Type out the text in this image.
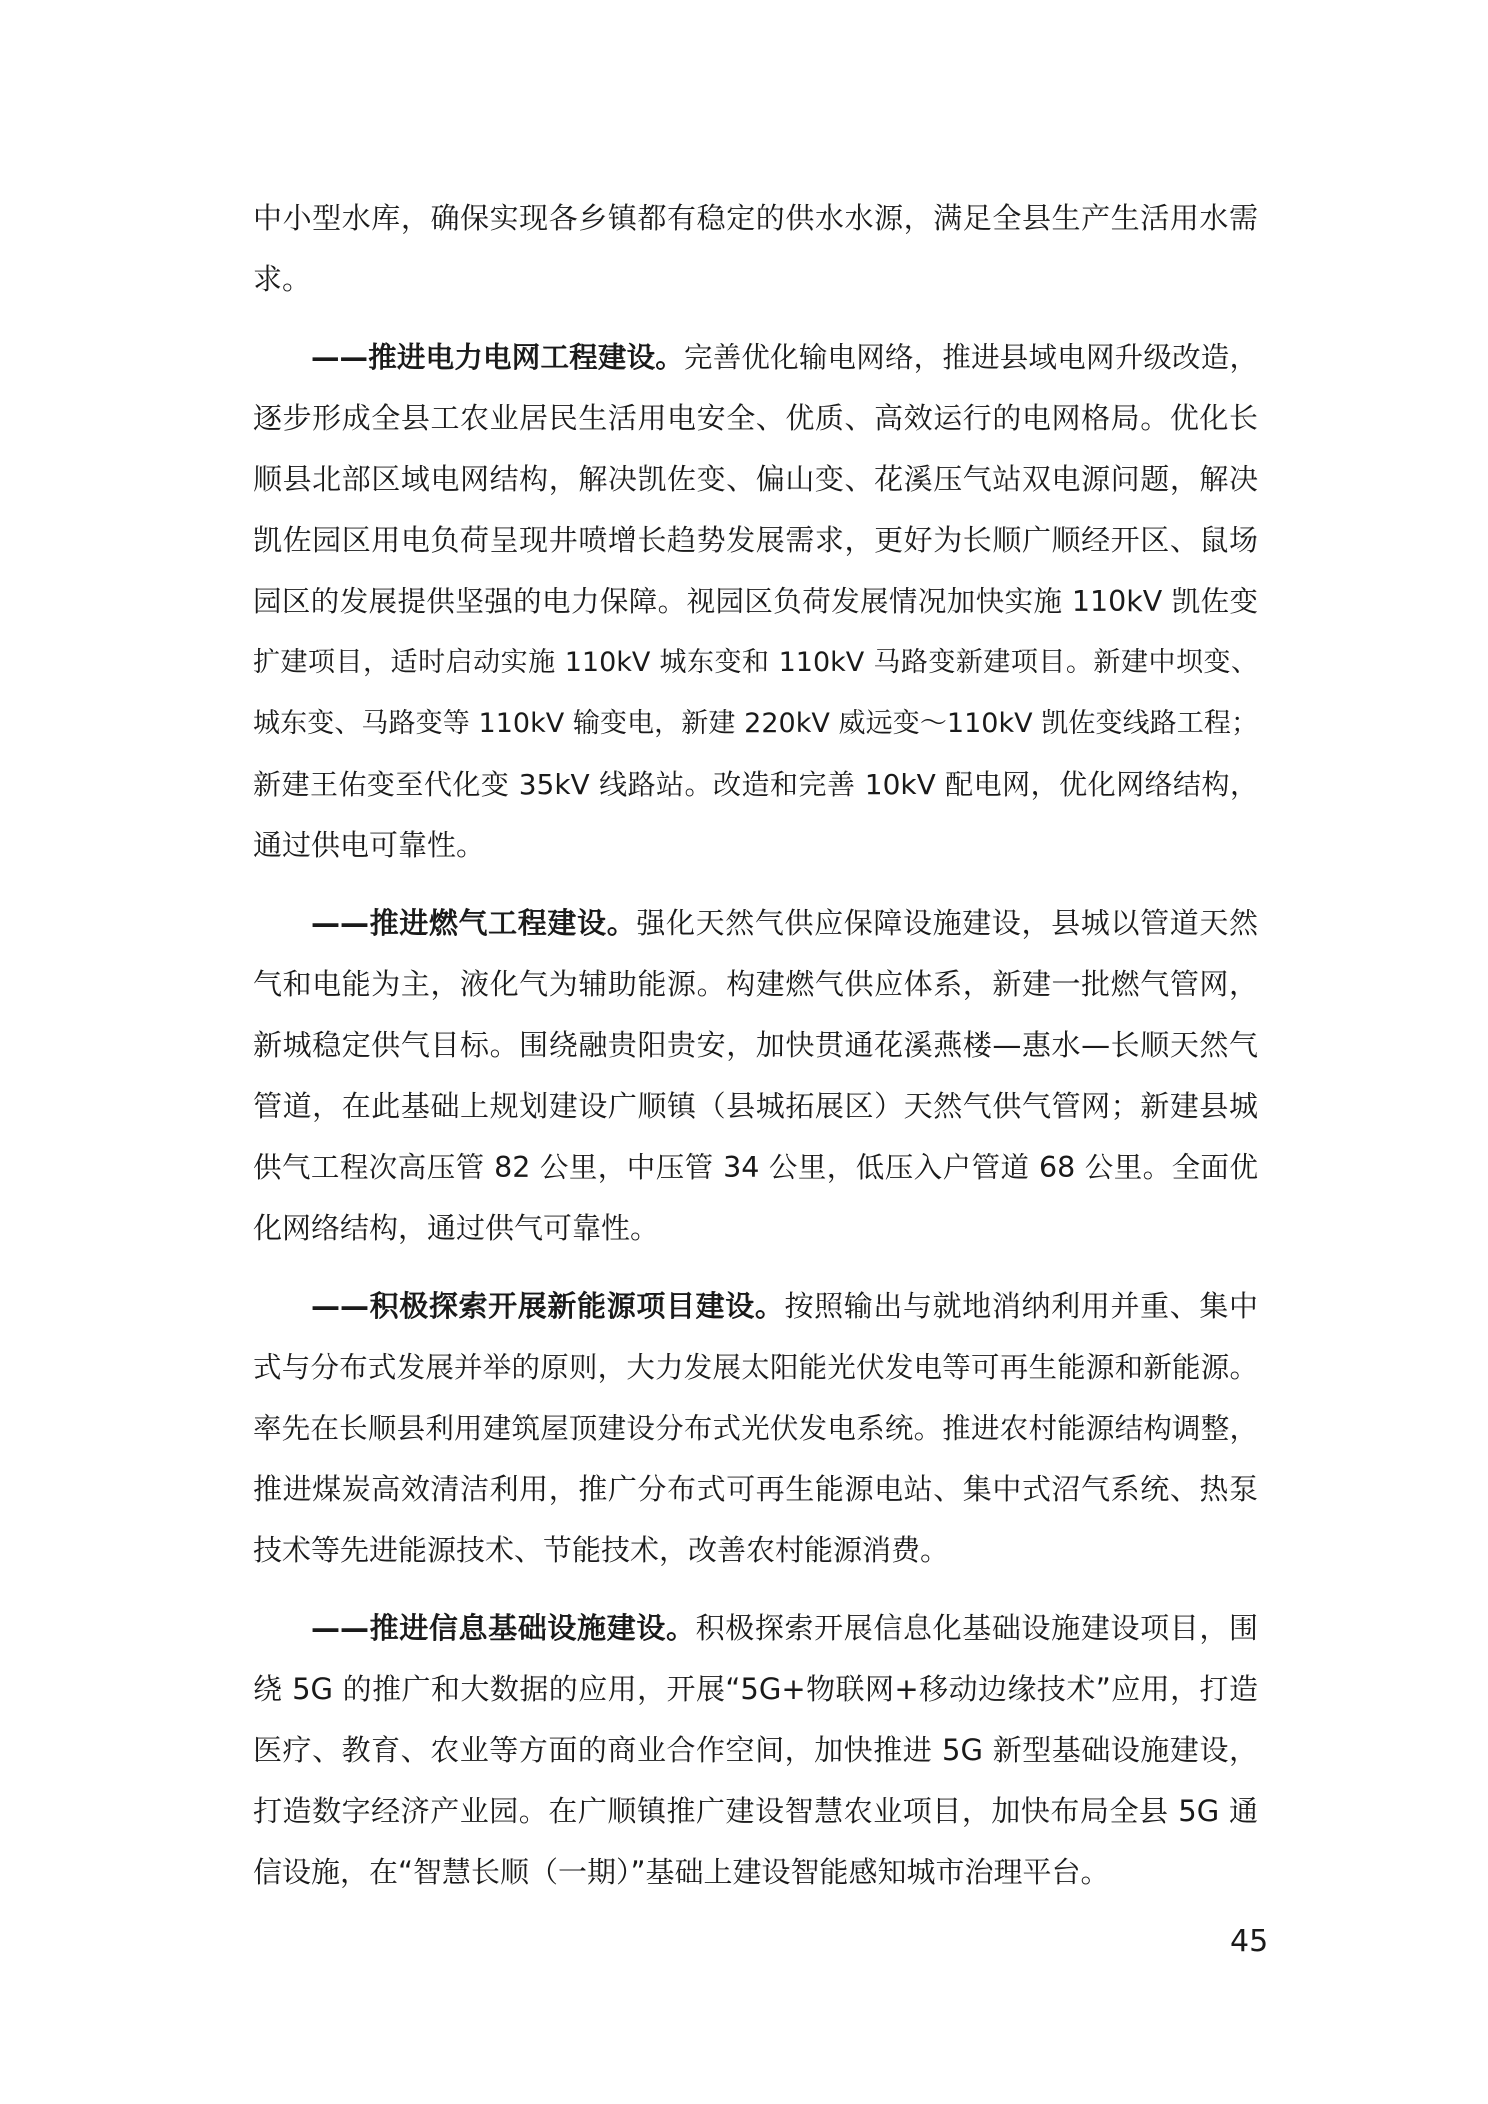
中小型水库，确保实现各乡镇都有稳定的供水水源，满足全县生产生活用水需
求。
——推进电力电网工程建设。完善优化输电网络，推进县域电网升级改造，
逐步形成全县工农业居民生活用电安全、优质、高效运行的电网格局。优化长
顺县北部区域电网结构，解决凯佐变、偏山变、花溪压气站双电源问题，解决
凯佐园区用电负荷呈现井喷增长趋势发展需求，更好为长顺广顺经开区、鼠场
园区的发展提供坚强的电力保障。视园区负荷发展情况加快实施 110kV 凯佐变
扩建项目，适时启动实施 110kV 城东变和 110kV 马路变新建项目。新建中坝变、
城东变、马路变等 110kV 输变电，新建 220kV 威远变～110kV 凯佐变线路工程；
新建王佑变至代化变 35kV 线路站。改造和完善 10kV 配电网，优化网络结构，
通过供电可靠性。
——推进燃气工程建设。强化天然气供应保障设施建设，县城以管道天然
气和电能为主，液化气为辅助能源。构建燃气供应体系，新建一批燃气管网，
新城稳定供气目标。围绕融贵阳贵安，加快贯通花溪燕楼—惠水—长顺天然气
管道，在此基础上规划建设广顺镇（县城拓展区）天然气供气管网；新建县城
供气工程次高压管 82 公里，中压管 34 公里，低压入户管道 68 公里。全面优
化网络结构，通过供气可靠性。
——积极探索开展新能源项目建设。按照输出与就地消纳利用并重、集中
式与分布式发展并举的原则，大力发展太阳能光伏发电等可再生能源和新能源。
率先在长顺县利用建筑屋顶建设分布式光伏发电系统。推进农村能源结构调整，
推进煤炭高效清洁利用，推广分布式可再生能源电站、集中式沼气系统、热泵
技术等先进能源技术、节能技术，改善农村能源消费。
——推进信息基础设施建设。积极探索开展信息化基础设施建设项目，围
绕 5G 的推广和大数据的应用，开展“5G+物联网+移动边缘技术”应用，打造
医疗、教育、农业等方面的商业合作空间，加快推进 5G 新型基础设施建设，
打造数字经济产业园。在广顺镇推广建设智慧农业项目，加快布局全县 5G 通
信设施，在“智慧长顺（一期）”基础上建设智能感知城市治理平台。
45
